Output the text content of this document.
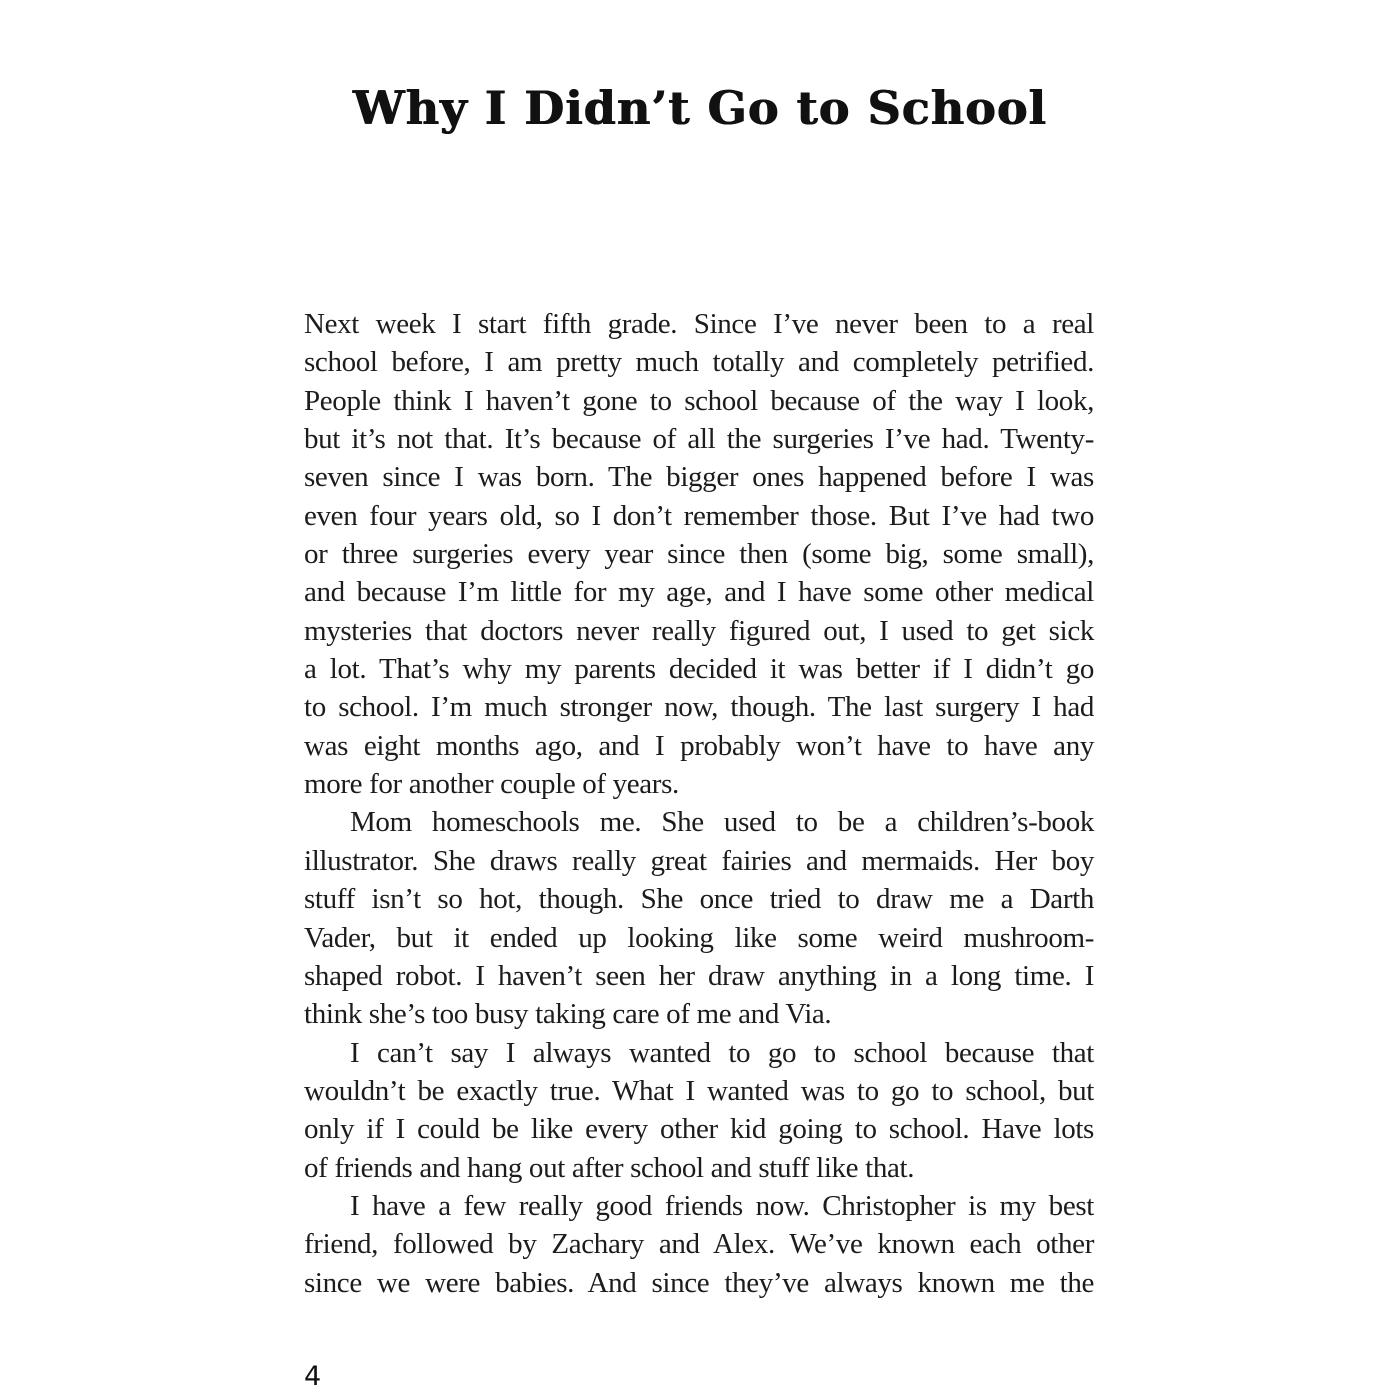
Why I Didn’t Go to School
Next week I start fifth grade. Since I’ve never been to a real
school before, I am pretty much totally and completely petrified.
People think I haven’t gone to school because of the way I look,
but it’s not that. It’s because of all the surgeries I’ve had. Twenty-
seven since I was born. The bigger ones happened before I was
even four years old, so I don’t remember those. But I’ve had two
or three surgeries every year since then (some big, some small),
and because I’m little for my age, and I have some other medical
mysteries that doctors never really figured out, I used to get sick
a lot. That’s why my parents decided it was better if I didn’t go
to school. I’m much stronger now, though. The last surgery I had
was eight months ago, and I probably won’t have to have any
more for another couple of years.
Mom homeschools me. She used to be a children’s-book
illustrator. She draws really great fairies and mermaids. Her boy
stuff isn’t so hot, though. She once tried to draw me a Darth
Vader, but it ended up looking like some weird mushroom-
shaped robot. I haven’t seen her draw anything in a long time. I
think she’s too busy taking care of me and Via.
I can’t say I always wanted to go to school because that
wouldn’t be exactly true. What I wanted was to go to school, but
only if I could be like every other kid going to school. Have lots
of friends and hang out after school and stuff like that.
I have a few really good friends now. Christopher is my best
friend, followed by Zachary and Alex. We’ve known each other
since we were babies. And since they’ve always known me the
4
